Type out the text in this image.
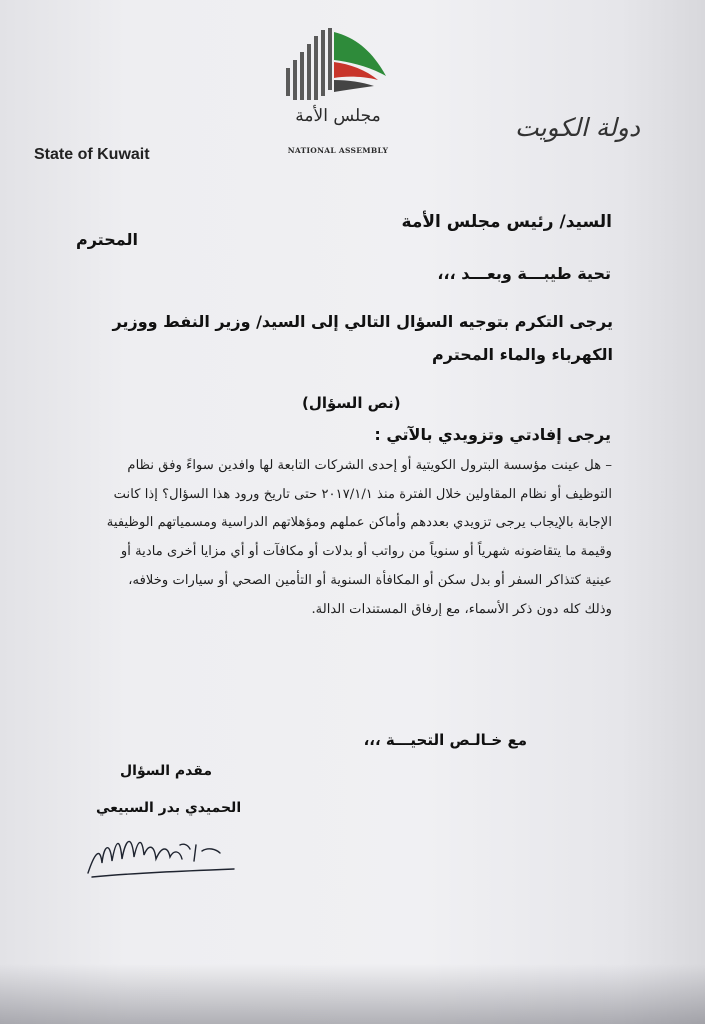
State of Kuwait
دولة الكويت
مجلس الأمة
NATIONAL ASSEMBLY
السيد/ رئيس مجلس الأمة
المحترم
تحية طيبـــة وبعـــد ،،،
يرجى التكرم بتوجيه السؤال التالي إلى السيد/ وزير النفط ووزير الكهرباء والماء المحترم
(نص السؤال)
يرجى إفادتي وتزويدي بالآتي :
– هل عينت مؤسسة البترول الكويتية أو إحدى الشركات التابعة لها وافدين سواءً وفق نظام التوظيف أو نظام المقاولين خلال الفترة منذ ٢٠١٧/١/١ حتى تاريخ ورود هذا السؤال؟ إذا كانت الإجابة بالإيجاب يرجى تزويدي بعددهم وأماكن عملهم ومؤهلاتهم الدراسية ومسمياتهم الوظيفية وقيمة ما يتقاضونه شهرياً أو سنوياً من رواتب أو بدلات أو مكافآت أو أي مزايا أخرى مادية أو عينية كتذاكر السفر أو بدل سكن أو المكافأة السنوية أو التأمين الصحي أو سيارات وخلافه، وذلك كله دون ذكر الأسماء، مع إرفاق المستندات الدالة.
مع خـالـص التحيـــة ،،،
مقدم السؤال
الحميدي بدر السبيعي
